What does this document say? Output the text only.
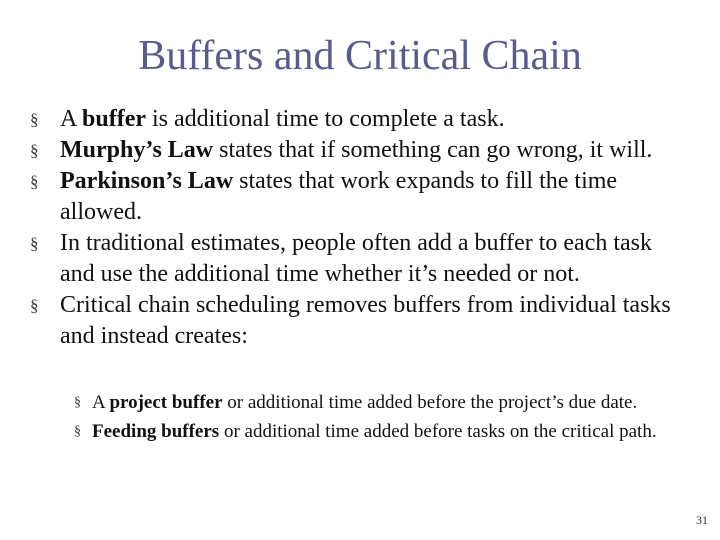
Buffers and Critical Chain
§ A buffer is additional time to complete a task.
§ Murphy’s Law states that if something can go wrong, it will.
§ Parkinson’s Law states that work expands to fill the time allowed.
§ In traditional estimates, people often add a buffer to each task and use the additional time whether it’s needed or not.
§ Critical chain scheduling removes buffers from individual tasks and instead creates:
§ A project buffer or additional time added before the project’s due date.
§ Feeding buffers or additional time added before tasks on the critical path.
31
